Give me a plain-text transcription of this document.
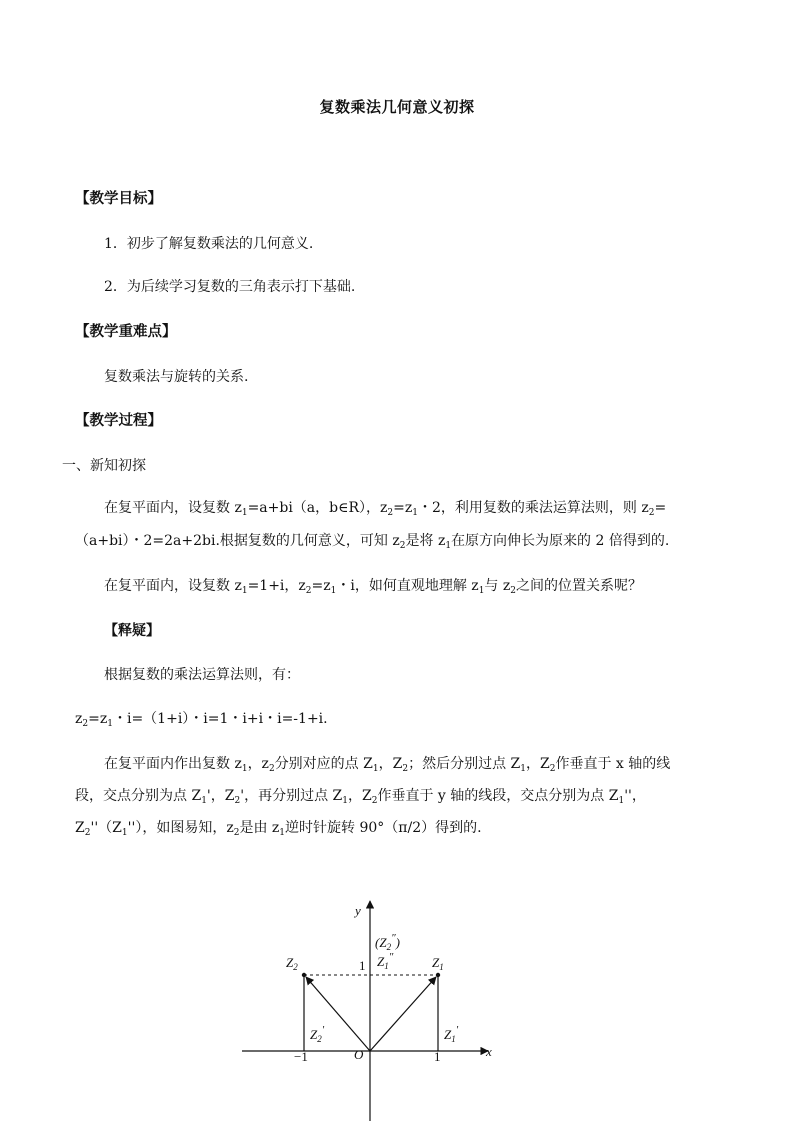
复数乘法几何意义初探
【教学目标】
1．初步了解复数乘法的几何意义.
2．为后续学习复数的三角表示打下基础.
【教学重难点】
复数乘法与旋转的关系.
【教学过程】
一、新知初探
在复平面内，设复数 $z_1=a+bi(a$，b∈R），$z_2=z_1$・2，利用复数的乘法运算法则，则 $z_2=$
（a+bi）・2=2a+2bi.根据复数的几何意义，可知 $z_2$是将 $z_1$在原方向伸长为原来的 2 倍得到的.
在复平面内，设复数 $z_1=1+i$，$z_2=z_1$・i，如何直观地理解 $z_1$与 $z_2$之间的位置关系呢？
【释疑】
根据复数的乘法运算法则，有：
$z_2=z_1$・i=（1+i）・i=1・i+i・i=-1+i.
在复平面内作出复数 $z_1$，$z_2$分别对应的点 $Z_1$，$Z_2$；然后分别过点 $Z_1$，$Z_2$作垂直于 x 轴的线
段，交点分别为点 $Z_1'$，$Z_2'$，再分别过点 $Z_1$，$Z_2$作垂直于 y 轴的线段，交点分别为点 $Z_1''$，
$Z_2''(Z_1'')$，如图易知，$z_2$是由 $z_1$逆时针旋转 90°（π/2）得到的.
y
x
O	1
−1
1
$Z_2$	$Z_1$
$Z_2'$	$Z_1'$
$(Z_2'')$
$Z_1''$
